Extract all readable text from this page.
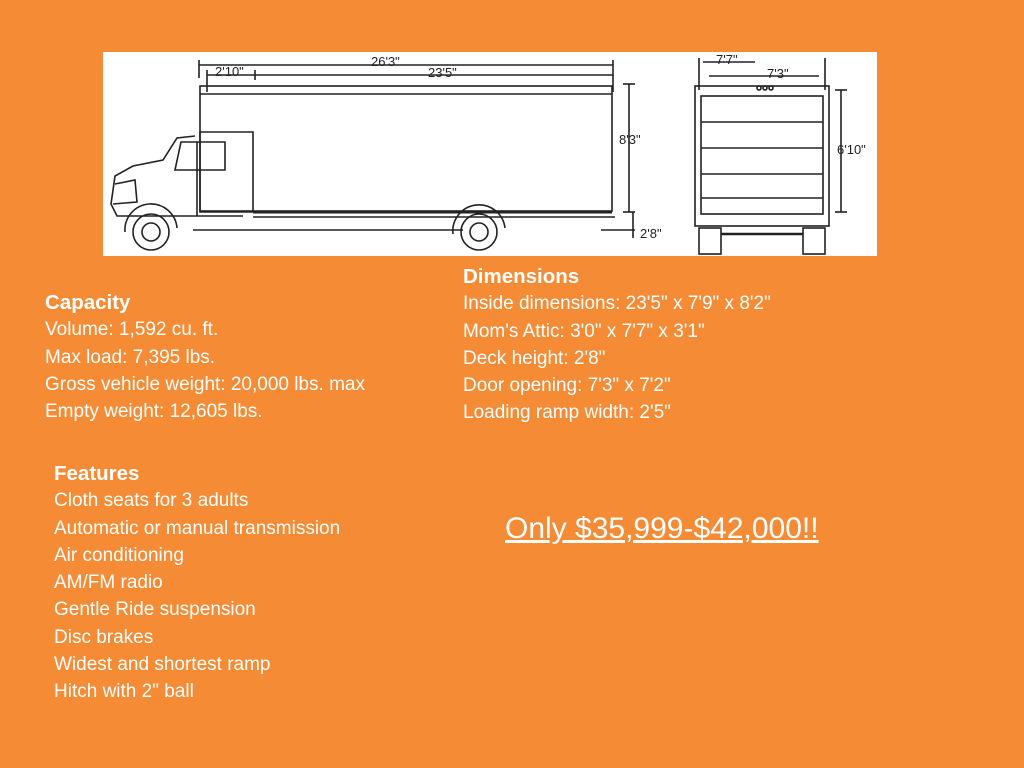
26'3"
2'10"	23'5"
8'3"
2'8"
7'7"
7'3"
6'10"
Capacity
Volume: 1,592 cu. ft.
Max load: 7,395 lbs.
Gross vehicle weight: 20,000 lbs. max
Empty weight: 12,605 lbs.
Dimensions
Inside dimensions: 23'5" x 7'9" x 8'2"
Mom's Attic: 3'0" x 7'7" x 3'1"
Deck height: 2'8"
Door opening: 7'3" x 7'2"
Loading ramp width: 2'5"
Features
Cloth seats for 3 adults
Automatic or manual transmission
Air conditioning
AM/FM radio
Gentle Ride suspension
Disc brakes
Widest and shortest ramp
Hitch with 2" ball
Only $35,999-$42,000!!
